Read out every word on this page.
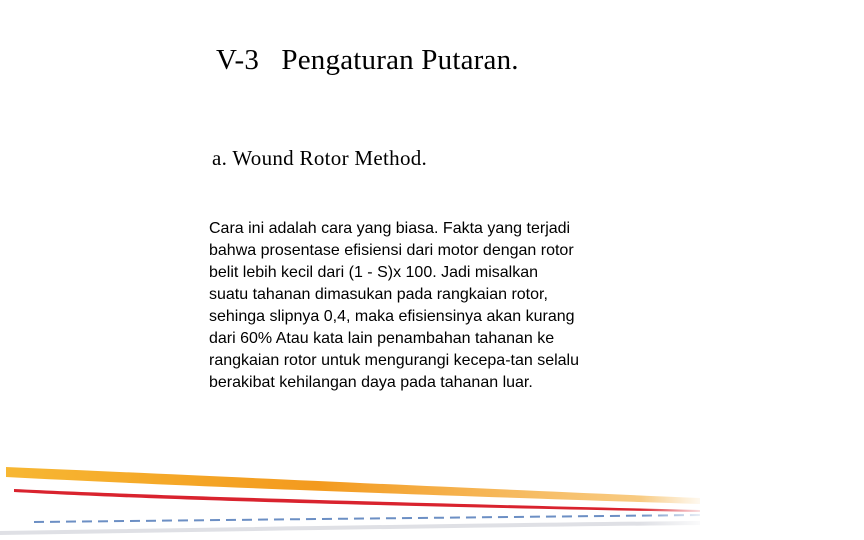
V-3   Pengaturan Putaran.
a. Wound Rotor Method.
Cara ini adalah cara yang biasa. Fakta yang terjadi
bahwa prosentase efisiensi dari motor dengan rotor
belit lebih kecil dari (1 - S)x 100. Jadi misalkan
suatu tahanan dimasukan pada rangkaian rotor,
sehinga slipnya 0,4, maka efisiensinya akan kurang
dari 60% Atau kata lain penambahan tahanan ke
rangkaian rotor untuk mengurangi kecepa-tan selalu
berakibat kehilangan daya pada tahanan luar.
